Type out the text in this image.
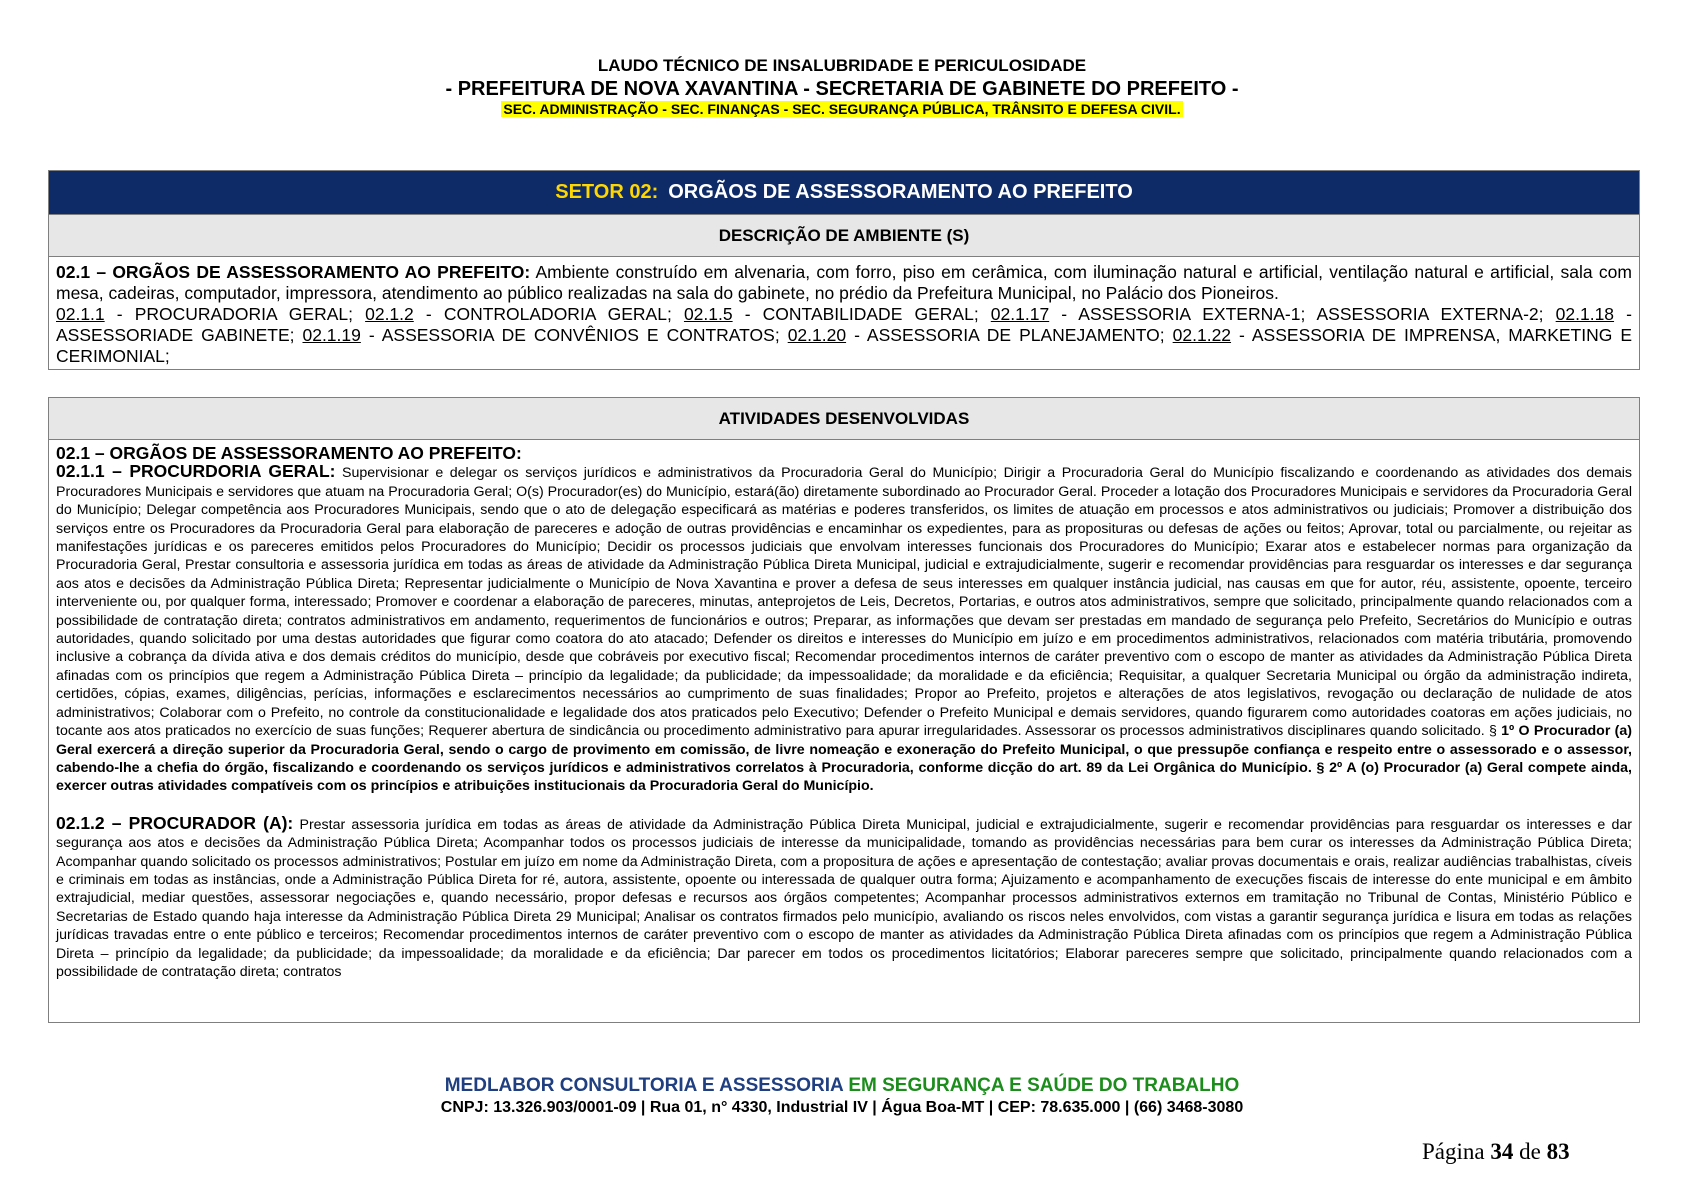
LAUDO TÉCNICO DE INSALUBRIDADE E PERICULOSIDADE
- PREFEITURA DE NOVA XAVANTINA - SECRETARIA DE GABINETE DO PREFEITO -
SEC. ADMINISTRAÇÃO - SEC. FINANÇAS - SEC. SEGURANÇA PÚBLICA, TRÂNSITO E DEFESA CIVIL.
SETOR 02: ORGÃOS DE ASSESSORAMENTO AO PREFEITO
DESCRIÇÃO DE AMBIENTE (S)
02.1 – ORGÃOS DE ASSESSORAMENTO AO PREFEITO: Ambiente construído em alvenaria, com forro, piso em cerâmica, com iluminação natural e artificial, ventilação natural e artificial, sala com mesa, cadeiras, computador, impressora, atendimento ao público realizadas na sala do gabinete, no prédio da Prefeitura Municipal, no Palácio dos Pioneiros.
02.1.1 - PROCURADORIA GERAL; 02.1.2 - CONTROLADORIA GERAL; 02.1.5 - CONTABILIDADE GERAL; 02.1.17 - ASSESSORIA EXTERNA-1; ASSESSORIA EXTERNA-2; 02.1.18 - ASSESSORIADE GABINETE; 02.1.19 - ASSESSORIA DE CONVÊNIOS E CONTRATOS; 02.1.20 - ASSESSORIA DE PLANEJAMENTO; 02.1.22 - ASSESSORIA DE IMPRENSA, MARKETING E CERIMONIAL;
ATIVIDADES DESENVOLVIDAS

02.1 – ORGÃOS DE ASSESSORAMENTO AO PREFEITO:

02.1.1 – PROCURDORIA GERAL: Supervisionar e delegar os serviços jurídicos e administrativos da Procuradoria Geral do Município; Dirigir a Procuradoria Geral do Município fiscalizando e coordenando as atividades dos demais Procuradores Municipais e servidores que atuam na Procuradoria Geral; O(s) Procurador(es) do Município, estará(ão) diretamente subordinado ao Procurador Geral. Proceder a lotação dos Procuradores Municipais e servidores da Procuradoria Geral do Município; Delegar competência aos Procuradores Municipais, sendo que o ato de delegação especificará as matérias e poderes transferidos, os limites de atuação em processos e atos administrativos ou judiciais; Promover a distribuição dos serviços entre os Procuradores da Procuradoria Geral para elaboração de pareceres e adoção de outras providências e encaminhar os expedientes, para as proposituras ou defesas de ações ou feitos; Aprovar, total ou parcialmente, ou rejeitar as manifestações jurídicas e os pareceres emitidos pelos Procuradores do Município; Decidir os processos judiciais que envolvam interesses funcionais dos Procuradores do Município; Exarar atos e estabelecer normas para organização da Procuradoria Geral, Prestar consultoria e assessoria jurídica em todas as áreas de atividade da Administração Pública Direta Municipal, judicial e extrajudicialmente, sugerir e recomendar providências para resguardar os interesses e dar segurança aos atos e decisões da Administração Pública Direta; Representar judicialmente o Município de Nova Xavantina e prover a defesa de seus interesses em qualquer instância judicial, nas causas em que for autor, réu, assistente, opoente, terceiro interveniente ou, por qualquer forma, interessado; Promover e coordenar a elaboração de pareceres, minutas, anteprojetos de Leis, Decretos, Portarias, e outros atos administrativos, sempre que solicitado, principalmente quando relacionados com a possibilidade de contratação direta; contratos administrativos em andamento, requerimentos de funcionários e outros; Preparar, as informações que devam ser prestadas em mandado de segurança pelo Prefeito, Secretários do Município e outras autoridades, quando solicitado por uma destas autoridades que figurar como coatora do ato atacado; Defender os direitos e interesses do Município em juízo e em procedimentos administrativos, relacionados com matéria tributária, promovendo inclusive a cobrança da dívida ativa e dos demais créditos do município, desde que cobráveis por executivo fiscal; Recomendar procedimentos internos de caráter preventivo com o escopo de manter as atividades da Administração Pública Direta afinadas com os princípios que regem a Administração Pública Direta – princípio da legalidade; da publicidade; da impessoalidade; da moralidade e da eficiência; Requisitar, a qualquer Secretaria Municipal ou órgão da administração indireta, certidões, cópias, exames, diligências, perícias, informações e esclarecimentos necessários ao cumprimento de suas finalidades; Propor ao Prefeito, projetos e alterações de atos legislativos, revogação ou declaração de nulidade de atos administrativos; Colaborar com o Prefeito, no controle da constitucionalidade e legalidade dos atos praticados pelo Executivo; Defender o Prefeito Municipal e demais servidores, quando figurarem como autoridades coatoras em ações judiciais, no tocante aos atos praticados no exercício de suas funções; Requerer abertura de sindicância ou procedimento administrativo para apurar irregularidades. Assessorar os processos administrativos disciplinares quando solicitado. § 1º O Procurador (a) Geral exercerá a direção superior da Procuradoria Geral, sendo o cargo de provimento em comissão, de livre nomeação e exoneração do Prefeito Municipal, o que pressupõe confiança e respeito entre o assessorado e o assessor, cabendo-lhe a chefia do órgão, fiscalizando e coordenando os serviços jurídicos e administrativos correlatos à Procuradoria, conforme dicção do art. 89 da Lei Orgânica do Município. § 2º A (o) Procurador (a) Geral compete ainda, exercer outras atividades compatíveis com os princípios e atribuições institucionais da Procuradoria Geral do Município.

02.1.2 – PROCURADOR (A): Prestar assessoria jurídica em todas as áreas de atividade da Administração Pública Direta Municipal, judicial e extrajudicialmente, sugerir e recomendar providências para resguardar os interesses e dar segurança aos atos e decisões da Administração Pública Direta; Acompanhar todos os processos judiciais de interesse da municipalidade, tomando as providências necessárias para bem curar os interesses da Administração Pública Direta; Acompanhar quando solicitado os processos administrativos; Postular em juízo em nome da Administração Direta, com a propositura de ações e apresentação de contestação; avaliar provas documentais e orais, realizar audiências trabalhistas, cíveis e criminais em todas as instâncias, onde a Administração Pública Direta for ré, autora, assistente, opoente ou interessada de qualquer outra forma; Ajuizamento e acompanhamento de execuções fiscais de interesse do ente municipal e em âmbito extrajudicial, mediar questões, assessorar negociações e, quando necessário, propor defesas e recursos aos órgãos competentes; Acompanhar processos administrativos externos em tramitação no Tribunal de Contas, Ministério Público e Secretarias de Estado quando haja interesse da Administração Pública Direta 29 Municipal; Analisar os contratos firmados pelo município, avaliando os riscos neles envolvidos, com vistas a garantir segurança jurídica e lisura em todas as relações jurídicas travadas entre o ente público e terceiros; Recomendar procedimentos internos de caráter preventivo com o escopo de manter as atividades da Administração Pública Direta afinadas com os princípios que regem a Administração Pública Direta – princípio da legalidade; da publicidade; da impessoalidade; da moralidade e da eficiência; Dar parecer em todos os procedimentos licitatórios; Elaborar pareceres sempre que solicitado, principalmente quando relacionados com a possibilidade de contratação direta; contratos

MEDLABOR CONSULTORIA E ASSESSORIA EM SEGURANÇA E SAÚDE DO TRABALHO
CNPJ: 13.326.903/0001-09 | Rua 01, n° 4330, Industrial IV | Água Boa-MT | CEP: 78.635.000 | (66) 3468-3080
Página 34 de 83
